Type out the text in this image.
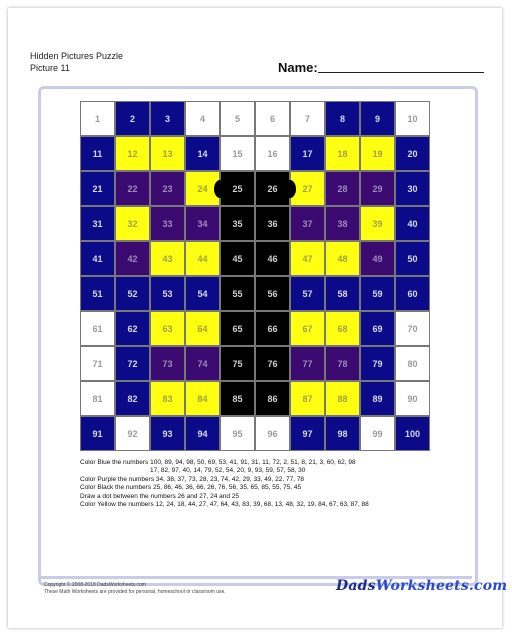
Hidden Pictures Puzzle
Picture 11	Name:
1	2	3	4	5	6	7	8	9	10
11	12	13	14	15	16	17	18	19	20
21	22	23	24	25	26	27	28	29	30
31	32	33	34	35	36	37	38	39	40
41	42	43	44	45	46	47	48	49	50
51	52	53	54	55	56	57	58	59	60
61	62	63	64	65	66	67	68	69	70
71	72	73	74	75	76	77	78	79	80
81	82	83	84	85	86	87	88	89	90
91	92	93	94	95	96	97	98	99	100
Color Blue the numbers 100, 89, 94, 98, 50, 69, 53, 41, 91, 31, 11, 72, 2, 51, 8, 21, 3, 60, 62, 98
17, 82, 97, 40, 14, 79, 52, 54, 20, 9, 93, 59, 57, 58, 30
Color Purple the numbers 34, 38, 37, 73, 28, 23, 74, 42, 29, 33, 49, 22, 77, 78
Color Black the numbers 25, 86, 46, 36, 66, 26, 76, 56, 35, 65, 85, 55, 75, 45
Draw a dot between the numbers 26 and 27, 24 and 25
Color Yellow the numbers 12, 24, 18, 44, 27, 47, 64, 43, 83, 39, 68, 13, 48, 32, 19, 84, 67, 63, 87, 88
Copyright © 2008-2018 DadsWorksheets.com
These Math Worksheets are provided for personal, homeschool or classroom use.	DadsWorksheets.com
